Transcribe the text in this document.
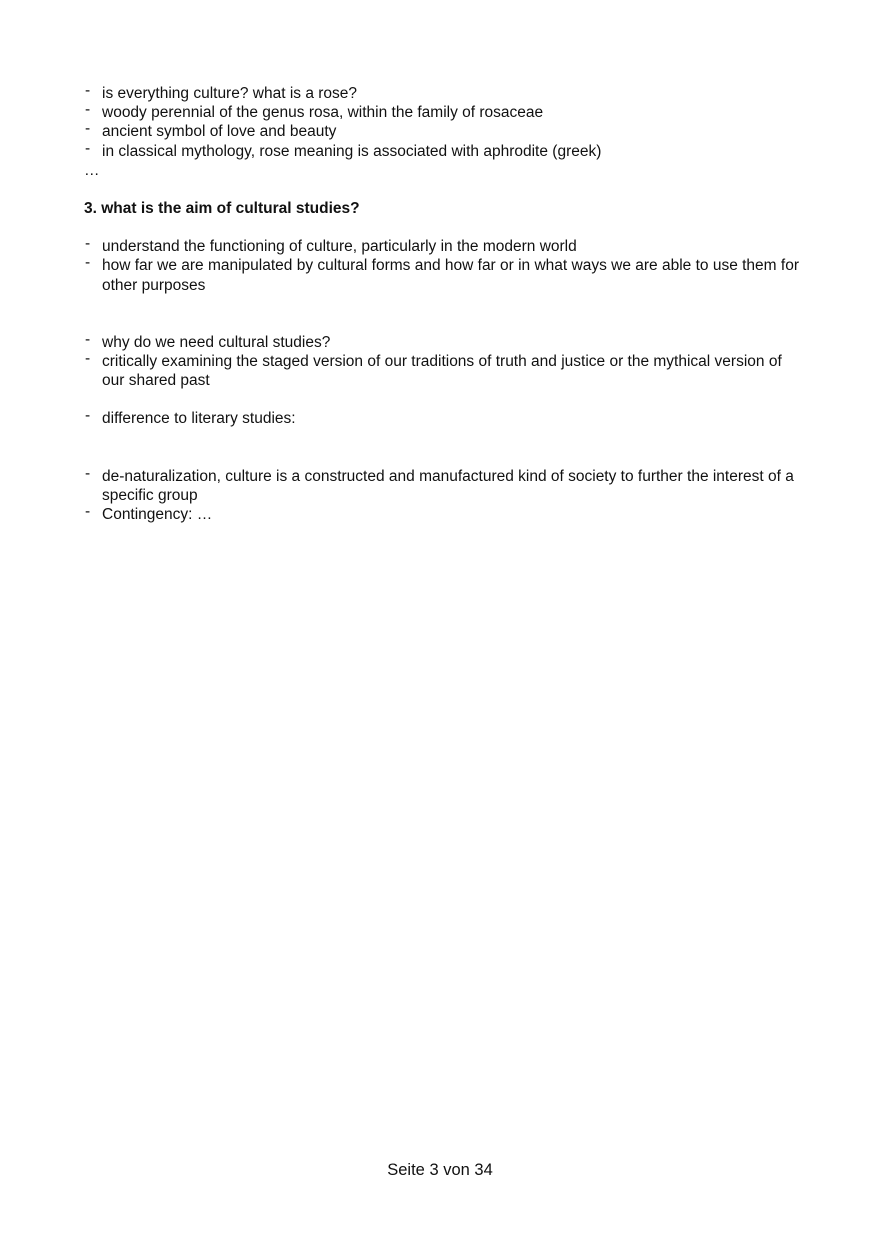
- is everything culture? what is a rose?
- woody perennial of the genus rosa, within the family of rosaceae
- ancient symbol of love and beauty
- in classical mythology, rose meaning is associated with aphrodite (greek)

…

3. what is the aim of cultural studies?

- understand the functioning of culture, particularly in the modern world
- how far we are manipulated by cultural forms and how far or in what ways we are able to use them for other purposes
- why do we need cultural studies?
- critically examining the staged version of our traditions of truth and justice or the mythical version of our shared past
- difference to literary studies:
- de-naturalization, culture is a constructed and manufactured kind of society to further the interest of a specific group
- Contingency: …
Seite 3 von 34
